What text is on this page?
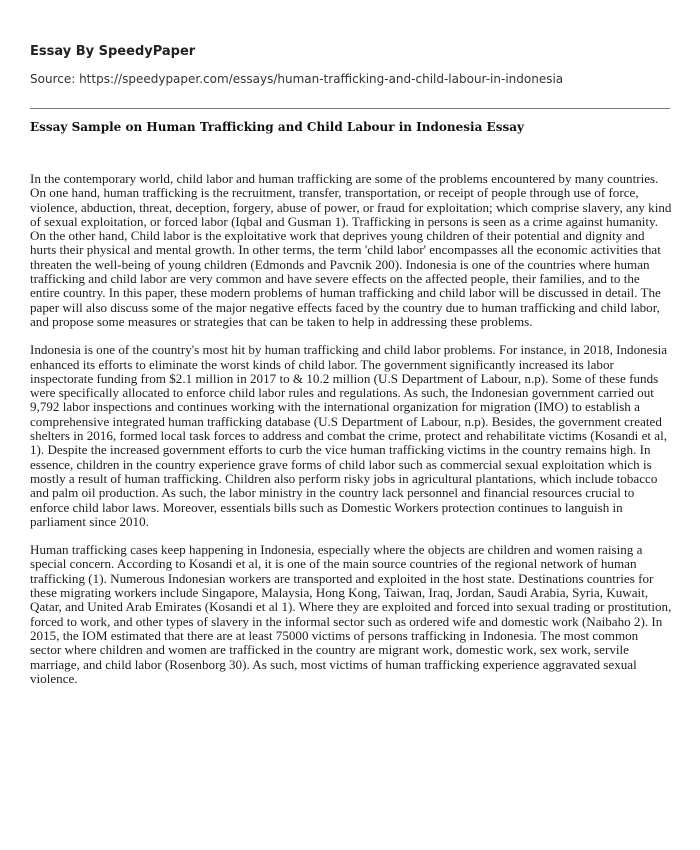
Essay By SpeedyPaper
Source: https://speedypaper.com/essays/human-trafficking-and-child-labour-in-indonesia
Essay Sample on Human Trafficking and Child Labour in Indonesia Essay

In the contemporary world, child labor and human trafficking are some of the problems encountered by many countries. On one hand, human trafficking is the recruitment, transfer, transportation, or receipt of people through use of force, violence, abduction, threat, deception, forgery, abuse of power, or fraud for exploitation; which comprise slavery, any kind of sexual exploitation, or forced labor (Iqbal and Gusman 1). Trafficking in persons is seen as a crime against humanity. On the other hand, Child labor is the exploitative work that deprives young children of their potential and dignity and hurts their physical and mental growth. In other terms, the term 'child labor' encompasses all the economic activities that threaten the well-being of young children (Edmonds and Pavcnik 200). Indonesia is one of the countries where human trafficking and child labor are very common and have severe effects on the affected people, their families, and to the entire country. In this paper, these modern problems of human trafficking and child labor will be discussed in detail. The paper will also discuss some of the major negative effects faced by the country due to human trafficking and child labor, and propose some measures or strategies that can be taken to help in addressing these problems.

Indonesia is one of the country's most hit by human trafficking and child labor problems. For instance, in 2018, Indonesia enhanced its efforts to eliminate the worst kinds of child labor. The government significantly increased its labor inspectorate funding from $2.1 million in 2017 to & 10.2 million (U.S Department of Labour, n.p). Some of these funds were specifically allocated to enforce child labor rules and regulations. As such, the Indonesian government carried out 9,792 labor inspections and continues working with the international organization for migration (IMO) to establish a comprehensive integrated human trafficking database (U.S Department of Labour, n.p). Besides, the government created shelters in 2016, formed local task forces to address and combat the crime, protect and rehabilitate victims (Kosandi et al, 1). Despite the increased government efforts to curb the vice human trafficking victims in the country remains high. In essence, children in the country experience grave forms of child labor such as commercial sexual exploitation which is mostly a result of human trafficking. Children also perform risky jobs in agricultural plantations, which include tobacco and palm oil production. As such, the labor ministry in the country lack personnel and financial resources crucial to enforce child labor laws. Moreover, essentials bills such as Domestic Workers protection continues to languish in parliament since 2010.

Human trafficking cases keep happening in Indonesia, especially where the objects are children and women raising a special concern. According to Kosandi et al, it is one of the main source countries of the regional network of human trafficking (1). Numerous Indonesian workers are transported and exploited in the host state. Destinations countries for these migrating workers include Singapore, Malaysia, Hong Kong, Taiwan, Iraq, Jordan, Saudi Arabia, Syria, Kuwait, Qatar, and United Arab Emirates (Kosandi et al 1). Where they are exploited and forced into sexual trading or prostitution, forced to work, and other types of slavery in the informal sector such as ordered wife and domestic work (Naibaho 2). In 2015, the IOM estimated that there are at least 75000 victims of persons trafficking in Indonesia. The most common sector where children and women are trafficked in the country are migrant work, domestic work, sex work, servile marriage, and child labor (Rosenborg 30). As such, most victims of human trafficking experience aggravated sexual violence.
